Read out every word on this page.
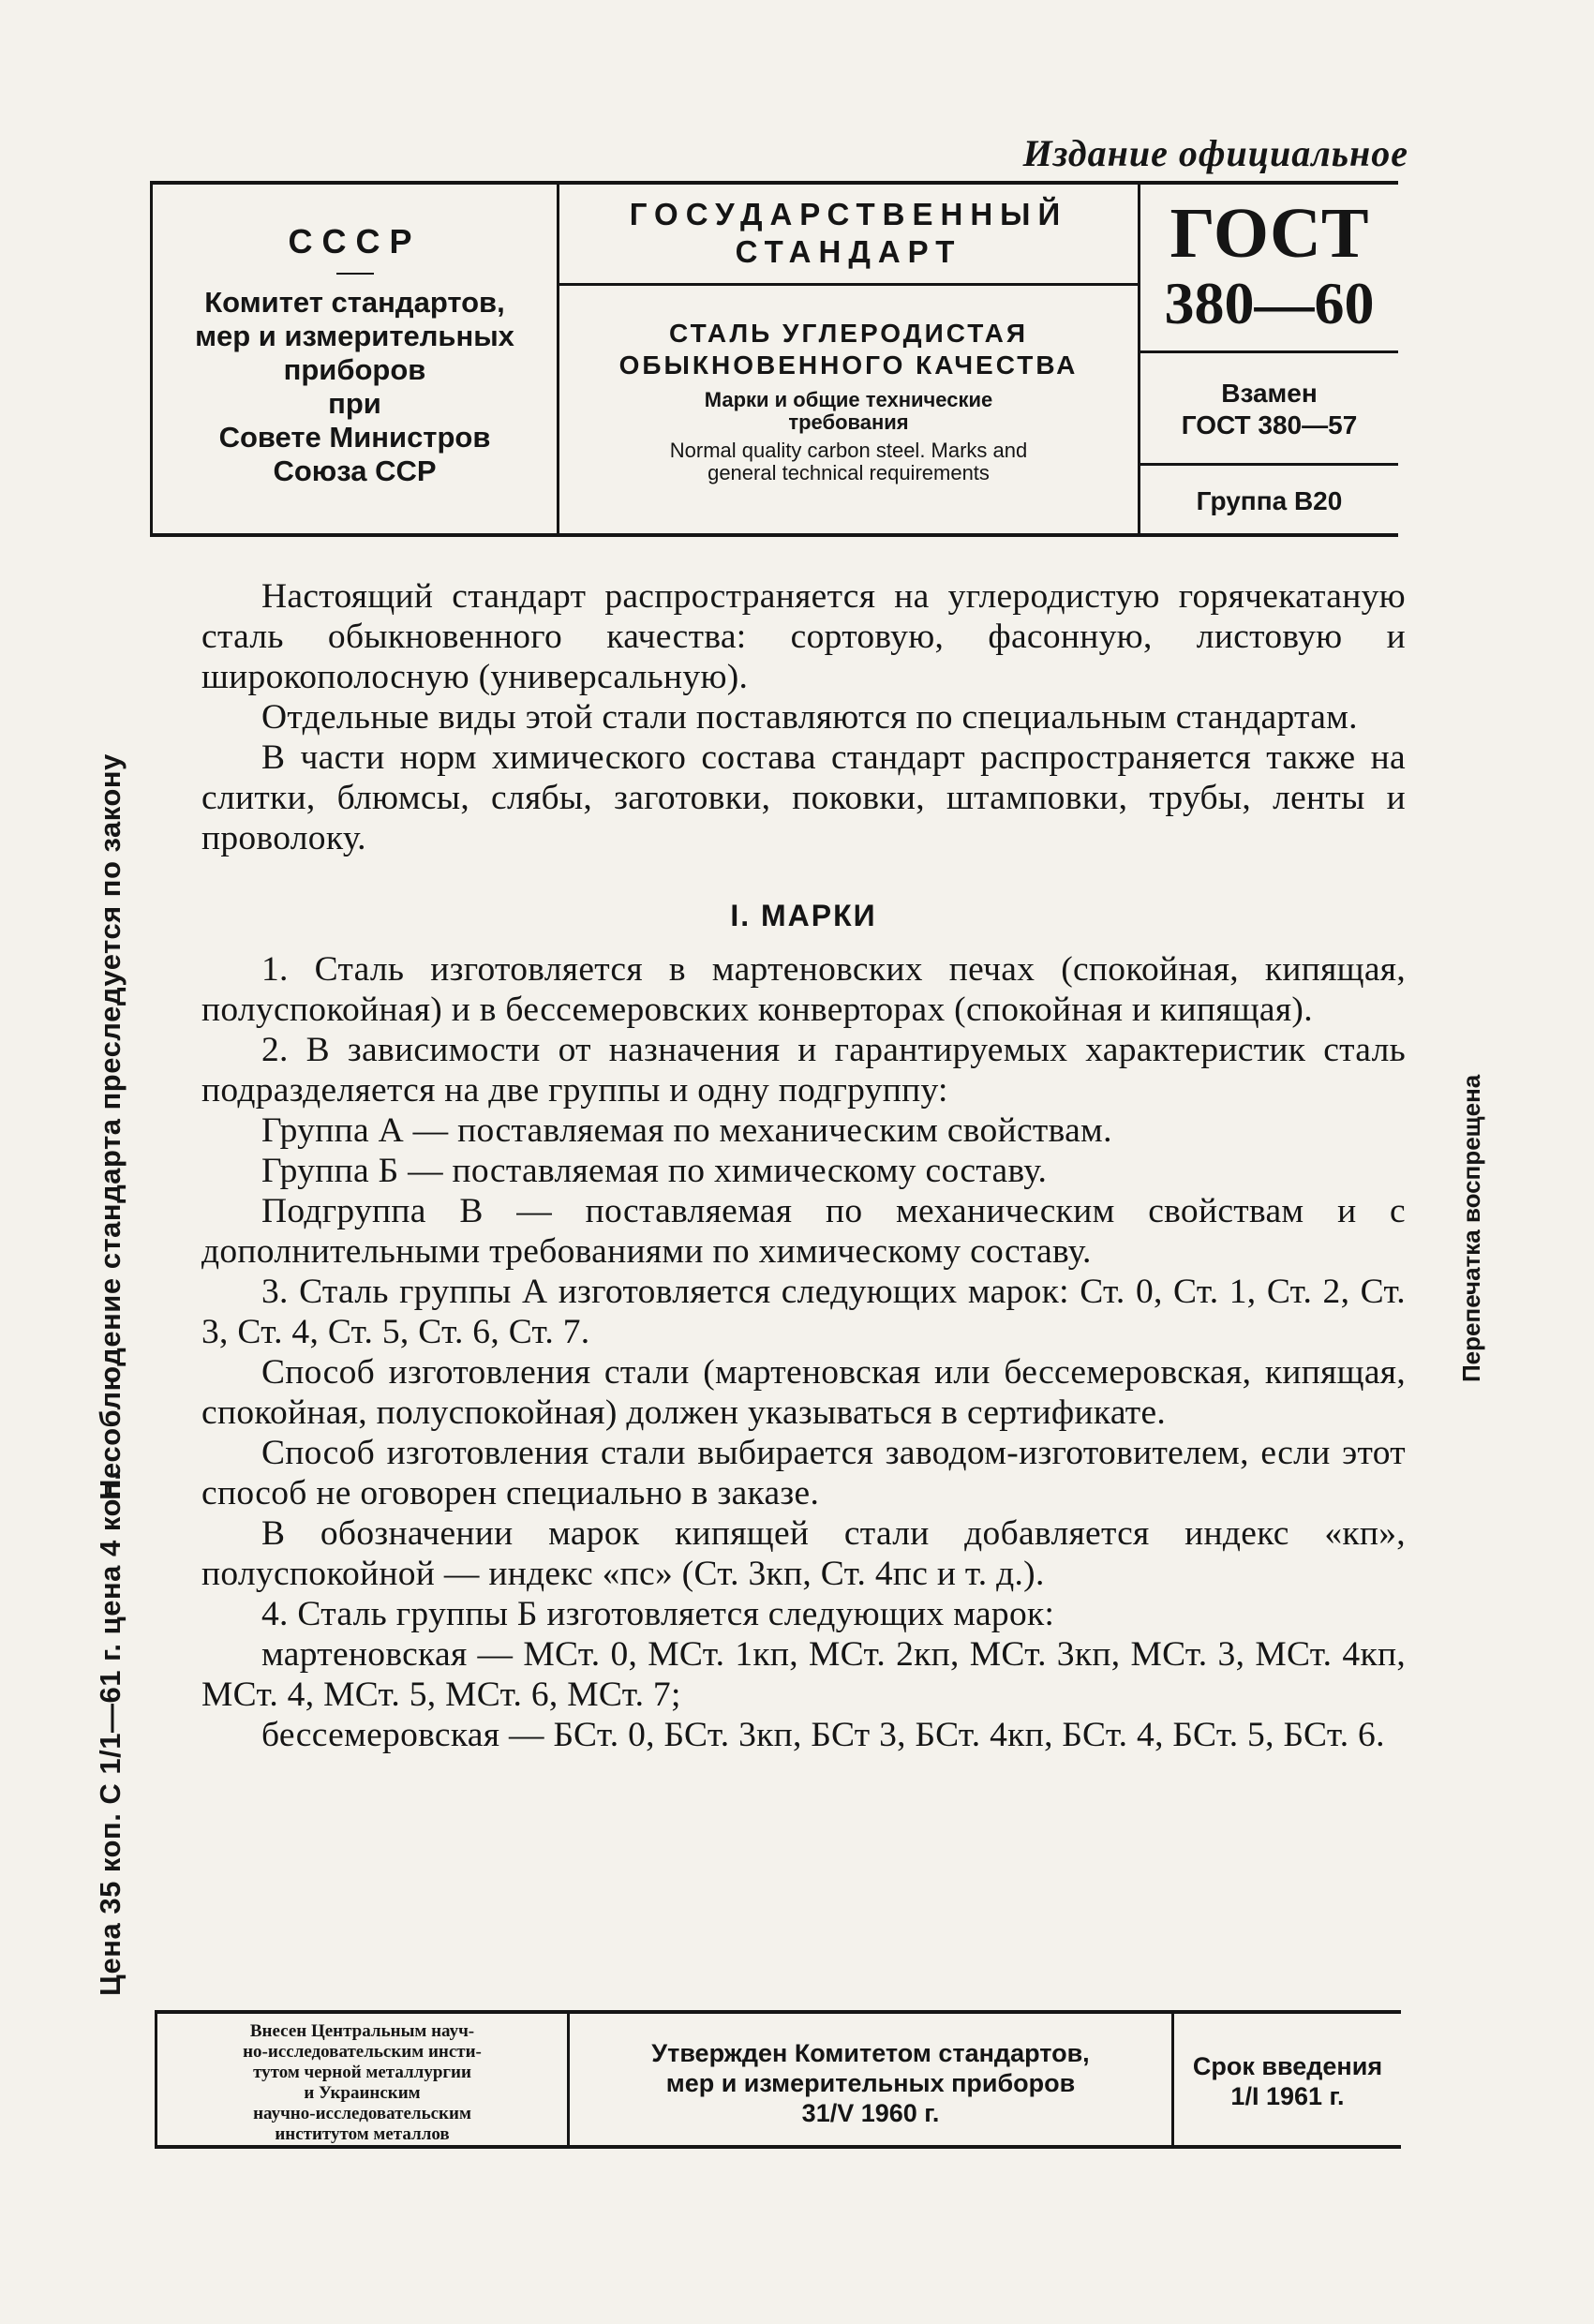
Издание официальное
СССР
Комитет стандартов,
мер и измерительных
приборов
при
Совете Министров
Союза ССР
ГОСУДАРСТВЕННЫЙ
СТАНДАРТ
СТАЛЬ УГЛЕРОДИСТАЯ
ОБЫКНОВЕННОГО КАЧЕСТВА
Марки и общие технические
требования
Normal quality carbon steel. Marks and
general technical requirements
ГОСТ
380—60
Взамен
ГОСТ 380—57
Группа В20

Настоящий стандарт распространяется на углеродистую горячекатаную сталь обыкновенного качества: сортовую, фасонную, листовую и широкополосную (универсальную).

Отдельные виды этой стали поставляются по специальным стандартам.

В части норм химического состава стандарт распространяется также на слитки, блюмсы, слябы, заготовки, поковки, штамповки, трубы, ленты и проволоку.

I. МАРКИ

1. Сталь изготовляется в мартеновских печах (спокойная, кипящая, полуспокойная) и в бессемеровских конверторах (спокойная и кипящая).

2. В зависимости от назначения и гарантируемых характеристик сталь подразделяется на две группы и одну подгруппу:

Группа А — поставляемая по механическим свойствам.

Группа Б — поставляемая по химическому составу.

Подгруппа В — поставляемая по механическим свойствам и с дополнительными требованиями по химическому составу.

3. Сталь группы А изготовляется следующих марок: Ст. 0, Ст. 1, Ст. 2, Ст. 3, Ст. 4, Ст. 5, Ст. 6, Ст. 7.

Способ изготовления стали (мартеновская или бессемеровская, кипящая, спокойная, полуспокойная) должен указываться в сертификате.

Способ изготовления стали выбирается заводом-изготовителем, если этот способ не оговорен специально в заказе.

В обозначении марок кипящей стали добавляется индекс «кп», полуспокойной — индекс «пс» (Ст. 3кп, Ст. 4пс и т. д.).

4. Сталь группы Б изготовляется следующих марок:

мартеновская — МСт. 0, МСт. 1кп, МСт. 2кп, МСт. 3кп, МСт. 3, МСт. 4кп, МСт. 4, МСт. 5, МСт. 6, МСт. 7;

бессемеровская — БСт. 0, БСт. 3кп, БСт 3, БСт. 4кп, БСт. 4, БСт. 5, БСт. 6.

Внесен Центральным науч-
но-исследовательским инсти-
тутом черной металлургии
и Украинским
научно-исследовательским
институтом металлов
Утвержден Комитетом стандартов,
мер и измерительных приборов
31/V 1960 г.
Срок введения
1/I 1961 г.
Цена 35 коп. С 1/1—61 г. цена 4 коп. Несоблюдение стандарта преследуется по закону	Перепечатка воспрещена
